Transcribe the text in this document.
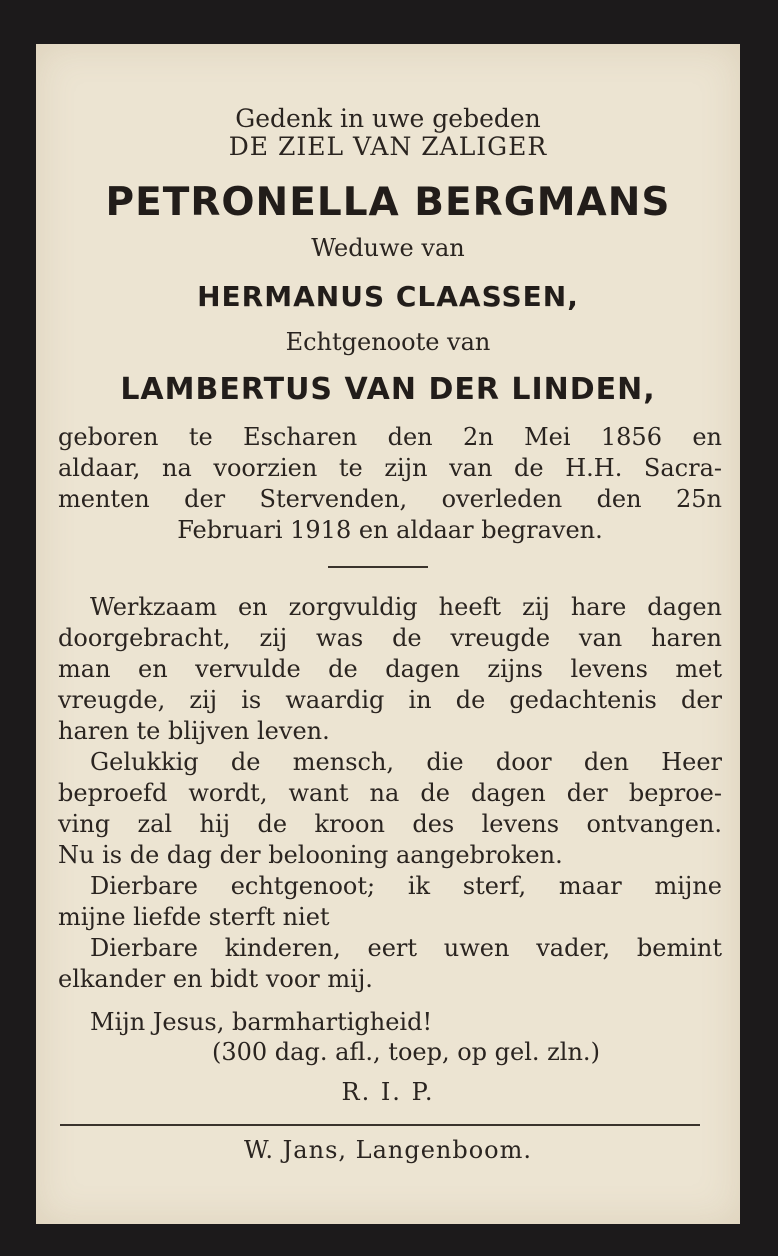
Gedenk in uwe gebeden
DE ZIEL VAN ZALIGER
PETRONELLA BERGMANS
Weduwe van
HERMANUS CLAASSEN,
Echtgenoote van
LAMBERTUS VAN DER LINDEN,
geboren te Escharen den 2n Mei 1856 en
aldaar, na voorzien te zijn van de H.H. Sacra-
menten der Stervenden, overleden den 25n
Februari 1918 en aldaar begraven.
Werkzaam en zorgvuldig heeft zij hare dagen
doorgebracht, zij was de vreugde van haren
man en vervulde de dagen zijns levens met
vreugde, zij is waardig in de gedachtenis der
haren te blijven leven.
Gelukkig de mensch, die door den Heer
beproefd wordt, want na de dagen der beproe-
ving zal hij de kroon des levens ontvangen.
Nu is de dag der belooning aangebroken.
Dierbare echtgenoot; ik sterf, maar mijne
mijne liefde sterft niet
Dierbare kinderen, eert uwen vader, bemint
elkander en bidt voor mij.
Mijn Jesus, barmhartigheid!
(300 dag. afl., toep, op gel. zln.)
R. I. P.
W. Jans, Langenboom.
